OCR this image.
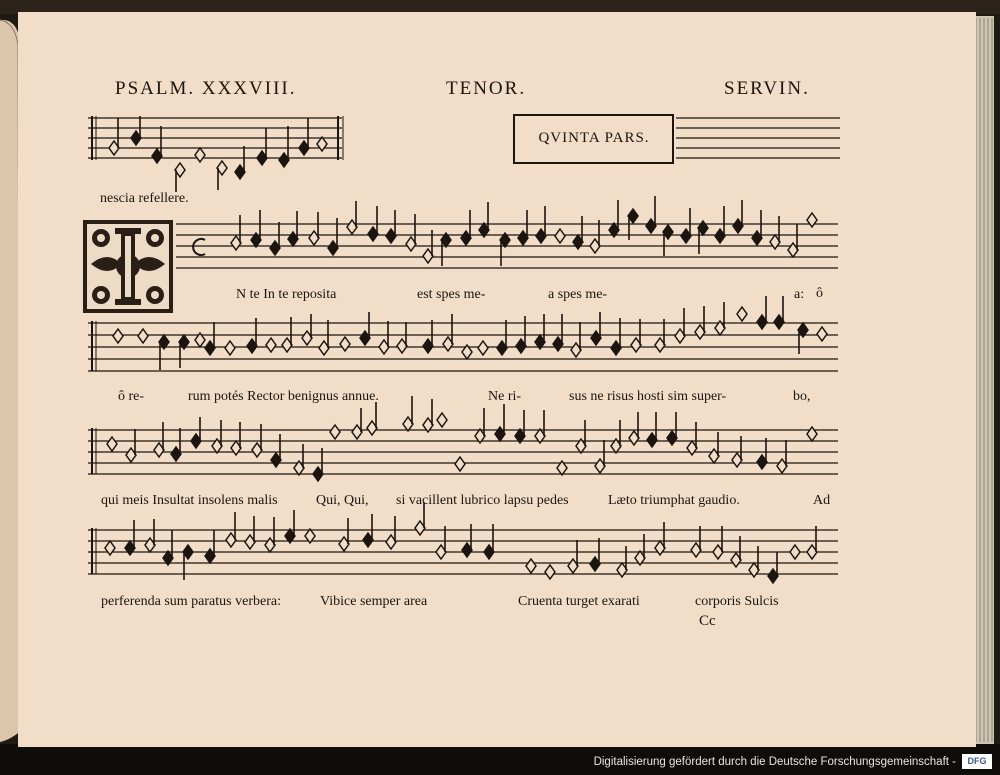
PSALM. XXXVIII.	TENOR.	SERVIN.
QVINTA PARS.
nescia refellere.
N te In te reposita	est spes me-	a spes me-	a: ô
ô re-	rum potés Rector benignus annue.	Ne ri-	sus ne risus hosti sim super-	bo,
qui meis Insultat insolens malis	Qui, Qui, si vacillent lubrico lapsu pedes	Læto triumphat gaudio.	Ad
perferenda sum paratus verbera:	Vibice semper area	Cruenta turget exarati	corporis Sulcis
Cc
Digitalisierung gefördert durch die Deutsche Forschungsgemeinschaft -	DFG
